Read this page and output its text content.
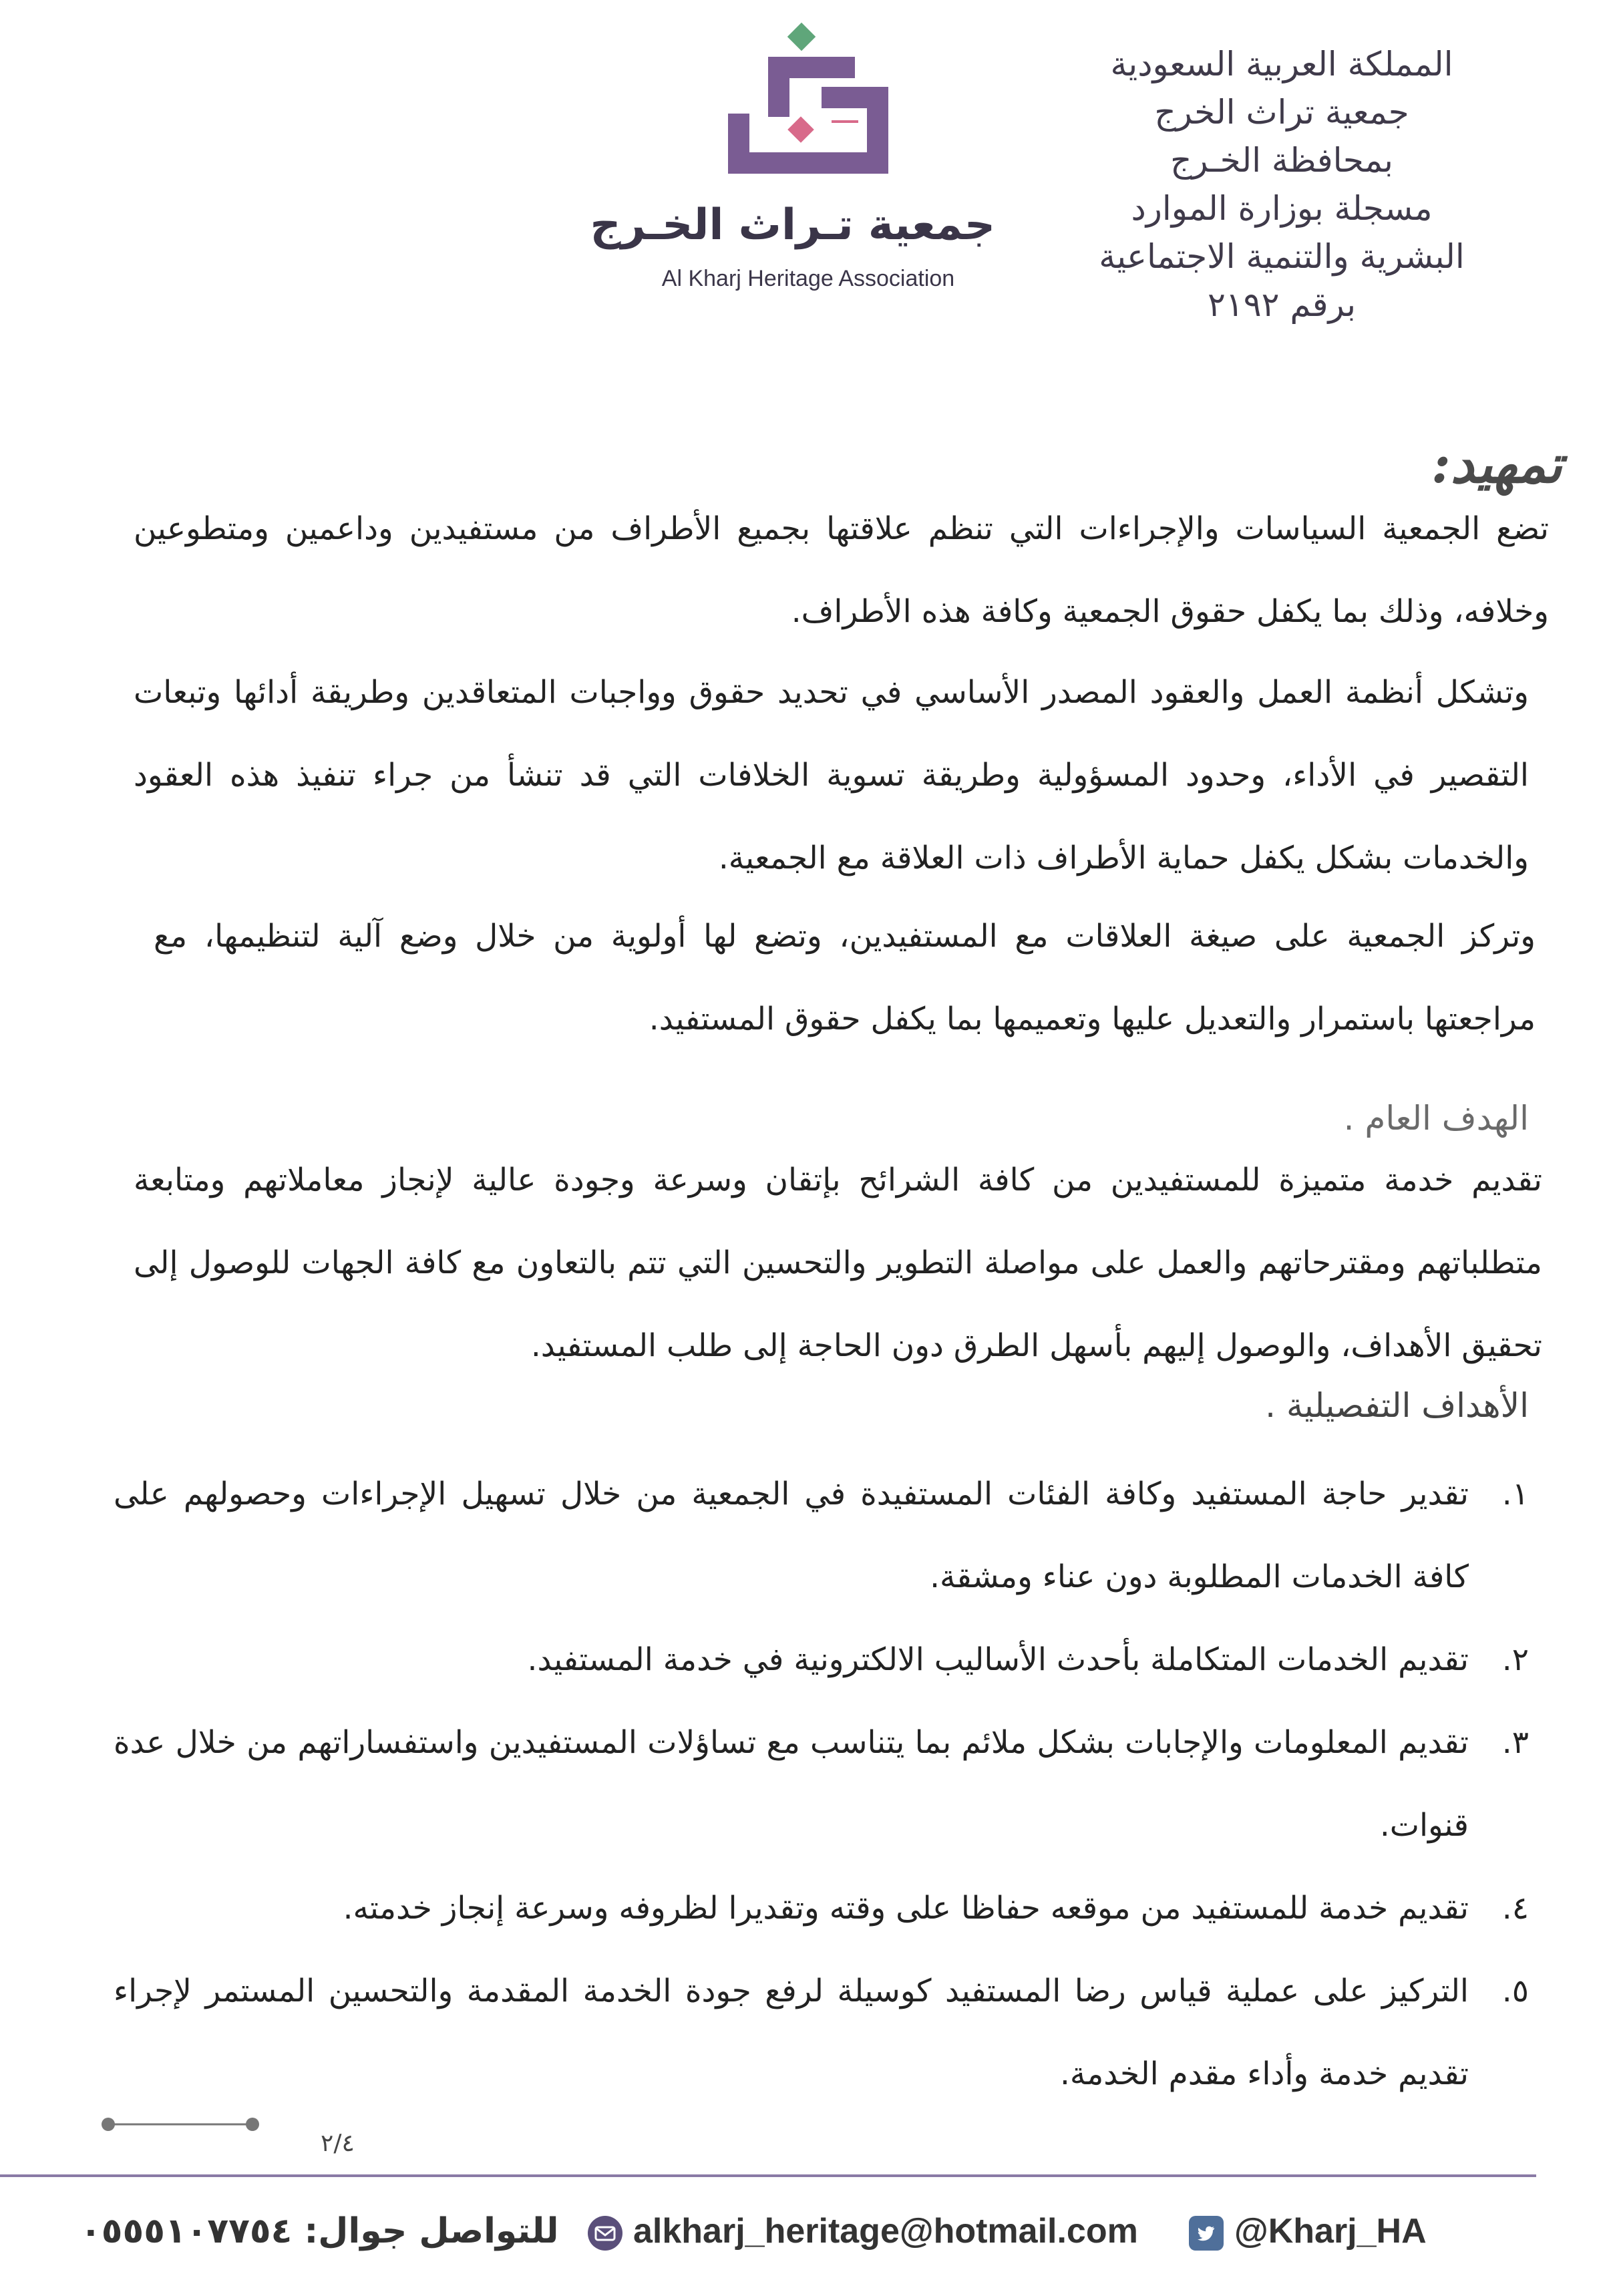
المملكة العربية السعودية
جمعية تراث الخرج
بمحافظة الخـرج
مسجلة بوزارة الموارد
البشرية والتنمية الاجتماعية
برقم ٢١٩٢
جمعية تـراث الخـرج
Al Kharj Heritage Association
تمهيد:

تضع الجمعية السياسات والإجراءات التي تنظم علاقتها بجميع الأطراف من مستفيدين وداعمين ومتطوعين وخلافه، وذلك بما يكفل حقوق الجمعية وكافة هذه الأطراف.

وتشكل أنظمة العمل والعقود المصدر الأساسي في تحديد حقوق وواجبات المتعاقدين وطريقة أدائها وتبعات التقصير في الأداء، وحدود المسؤولية وطريقة تسوية الخلافات التي قد تنشأ من جراء تنفيذ هذه العقود والخدمات بشكل يكفل حماية الأطراف ذات العلاقة مع الجمعية.

وتركز الجمعية على صيغة العلاقات مع المستفيدين، وتضع لها أولوية من خلال وضع آلية لتنظيمها، مع مراجعتها باستمرار والتعديل عليها وتعميمها بما يكفل حقوق المستفيد.

الهدف العام .

تقديم خدمة متميزة للمستفيدين من كافة الشرائح بإتقان وسرعة وجودة عالية لإنجاز معاملاتهم ومتابعة متطلباتهم ومقترحاتهم والعمل على مواصلة التطوير والتحسين التي تتم بالتعاون مع كافة الجهات للوصول إلى تحقيق الأهداف، والوصول إليهم بأسهل الطرق دون الحاجة إلى طلب المستفيد.

الأهداف التفصيلية .
١.
تقدير حاجة المستفيد وكافة الفئات المستفيدة في الجمعية من خلال تسهيل الإجراءات وحصولهم على كافة الخدمات المطلوبة دون عناء ومشقة.
٢.
تقديم الخدمات المتكاملة بأحدث الأساليب الالكترونية في خدمة المستفيد.
٣.
تقديم المعلومات والإجابات بشكل ملائم بما يتناسب مع تساؤلات المستفيدين واستفساراتهم من خلال عدة قنوات.
٤.
تقديم خدمة للمستفيد من موقعه حفاظا على وقته وتقديرا لظروفه وسرعة إنجاز خدمته.
٥.
التركيز على عملية قياس رضا المستفيد كوسيلة لرفع جودة الخدمة المقدمة والتحسين المستمر لإجراء تقديم خدمة وأداء مقدم الخدمة.
٢/٤
للتواصل جوال: ٠٥٥٥١٠٧٧٥٤	alkharj_heritage@hotmail.com	@Kharj_HA
